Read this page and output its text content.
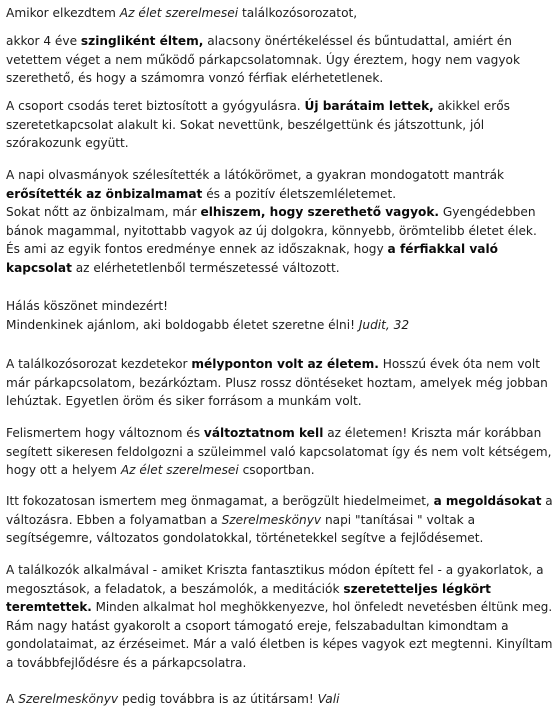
Amikor elkezdtem Az élet szerelmesei találkozósorozatot,
akkor 4 éve szingliként éltem, alacsony önértékeléssel és bűntudattal, amiért én
vetettem véget a nem működő párkapcsolatomnak. Úgy éreztem, hogy nem vagyok
szerethető, és hogy a számomra vonzó férfiak elérhetetlenek.
A csoport csodás teret biztosított a gyógyulásra. Új barátaim lettek, akikkel erős
szeretetkapcsolat alakult ki. Sokat nevettünk, beszélgettünk és játszottunk, jól
szórakozunk együtt.
A napi olvasmányok szélesítették a látókörömet, a gyakran mondogatott mantrák
erősítették az önbizalmamat és a pozitív életszemléletemet.
Sokat nőtt az önbizalmam, már elhiszem, hogy szerethető vagyok. Gyengédebben
bánok magammal, nyitottabb vagyok az új dolgokra, könnyebb, örömtelibb életet élek.
És ami az egyik fontos eredménye ennek az időszaknak, hogy a férfiakkal való
kapcsolat az elérhetetlenből természetessé változott.
Hálás köszönet mindezért!
Mindenkinek ajánlom, aki boldogabb életet szeretne élni! Judit, 32
A találkozósorozat kezdetekor mélyponton volt az életem. Hosszú évek óta nem volt
már párkapcsolatom, bezárkóztam. Plusz rossz döntéseket hoztam, amelyek még jobban
lehúztak. Egyetlen öröm és siker forrásom a munkám volt.
Felismertem hogy változnom és változtatnom kell az életemen! Kriszta már korábban
segített sikeresen feldolgozni a szüleimmel való kapcsolatomat így és nem volt kétségem,
hogy ott a helyem Az élet szerelmesei csoportban.
Itt fokozatosan ismertem meg önmagamat, a berögzült hiedelmeimet, a megoldásokat a
változásra. Ebben a folyamatban a Szerelmeskönyv napi "tanításai " voltak a
segítségemre, változatos gondolatokkal, történetekkel segítve a fejlődésemet.
A találkozók alkalmával - amiket Kriszta fantasztikus módon épített fel - a gyakorlatok, a
megosztások, a feladatok, a beszámolók, a meditációk szeretetteljes légkört
teremtettek. Minden alkalmat hol meghökkenyezve, hol önfeledt nevetésben éltünk meg.
Rám nagy hatást gyakorolt a csoport támogató ereje, felszabadultan kimondtam a
gondolataimat, az érzéseimet. Már a való életben is képes vagyok ezt megtenni. Kinyíltam
a továbbfejlődésre és a párkapcsolatra.
A Szerelmeskönyv pedig továbbra is az útitársam! Vali
